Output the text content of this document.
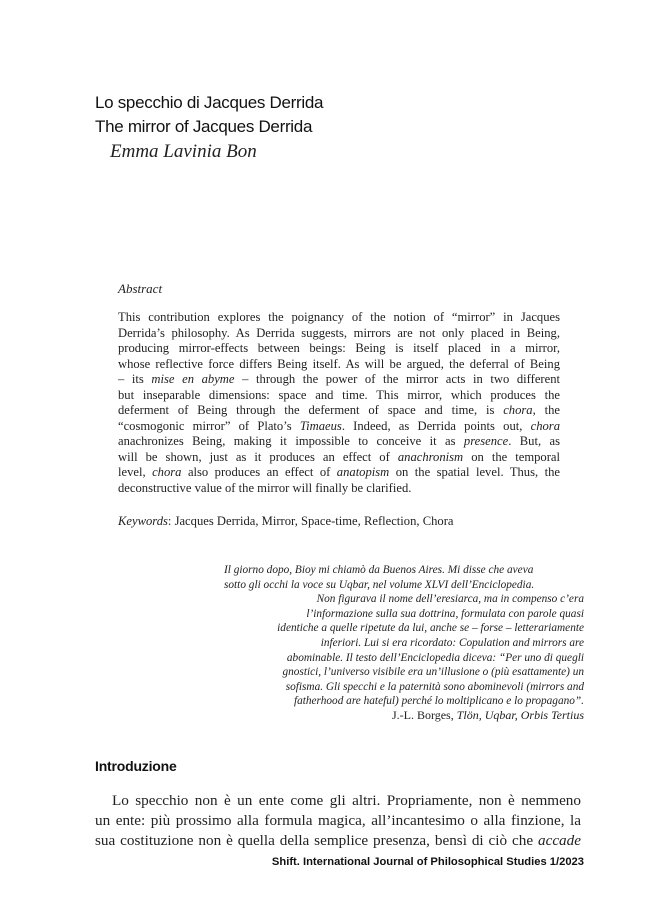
Lo specchio di Jacques Derrida
The mirror of Jacques Derrida
Emma Lavinia Bon
Abstract
This contribution explores the poignancy of the notion of “mirror” in Jacques
Derrida’s philosophy. As Derrida suggests, mirrors are not only placed in Being,
producing mirror-effects between beings: Being is itself placed in a mirror,
whose reflective force differs Being itself. As will be argued, the deferral of Being
– its mise en abyme – through the power of the mirror acts in two different
but inseparable dimensions: space and time. This mirror, which produces the
deferment of Being through the deferment of space and time, is chora, the
“cosmogonic mirror” of Plato’s Timaeus. Indeed, as Derrida points out, chora
anachronizes Being, making it impossible to conceive it as presence. But, as
will be shown, just as it produces an effect of anachronism on the temporal
level, chora also produces an effect of anatopism on the spatial level. Thus, the
deconstructive value of the mirror will finally be clarified.
Keywords: Jacques Derrida, Mirror, Space-time, Reflection, Chora
Il giorno dopo, Bioy mi chiamò da Buenos Aires. Mi disse che aveva
sotto gli occhi la voce su Uqbar, nel volume XLVI dell’Enciclopedia.
Non figurava il nome dell’eresiarca, ma in compenso c’era
l’informazione sulla sua dottrina, formulata con parole quasi
identiche a quelle ripetute da lui, anche se – forse – letterariamente
inferiori. Lui si era ricordato: Copulation and mirrors are
abominable. Il testo dell’Enciclopedia diceva: “Per uno di quegli
gnostici, l’universo visibile era un’illusione o (più esattamente) un
sofisma. Gli specchi e la paternità sono abominevoli (mirrors and
fatherhood are hateful) perché lo moltiplicano e lo propagano”.
J.-L. Borges, Tlön, Uqbar, Orbis Tertius
Introduzione
Lo specchio non è un ente come gli altri. Propriamente, non è nemmeno
un ente: più prossimo alla formula magica, all’incantesimo o alla finzione, la
sua costituzione non è quella della semplice presenza, bensì di ciò che accade
Shift. International Journal of Philosophical Studies 1/2023
